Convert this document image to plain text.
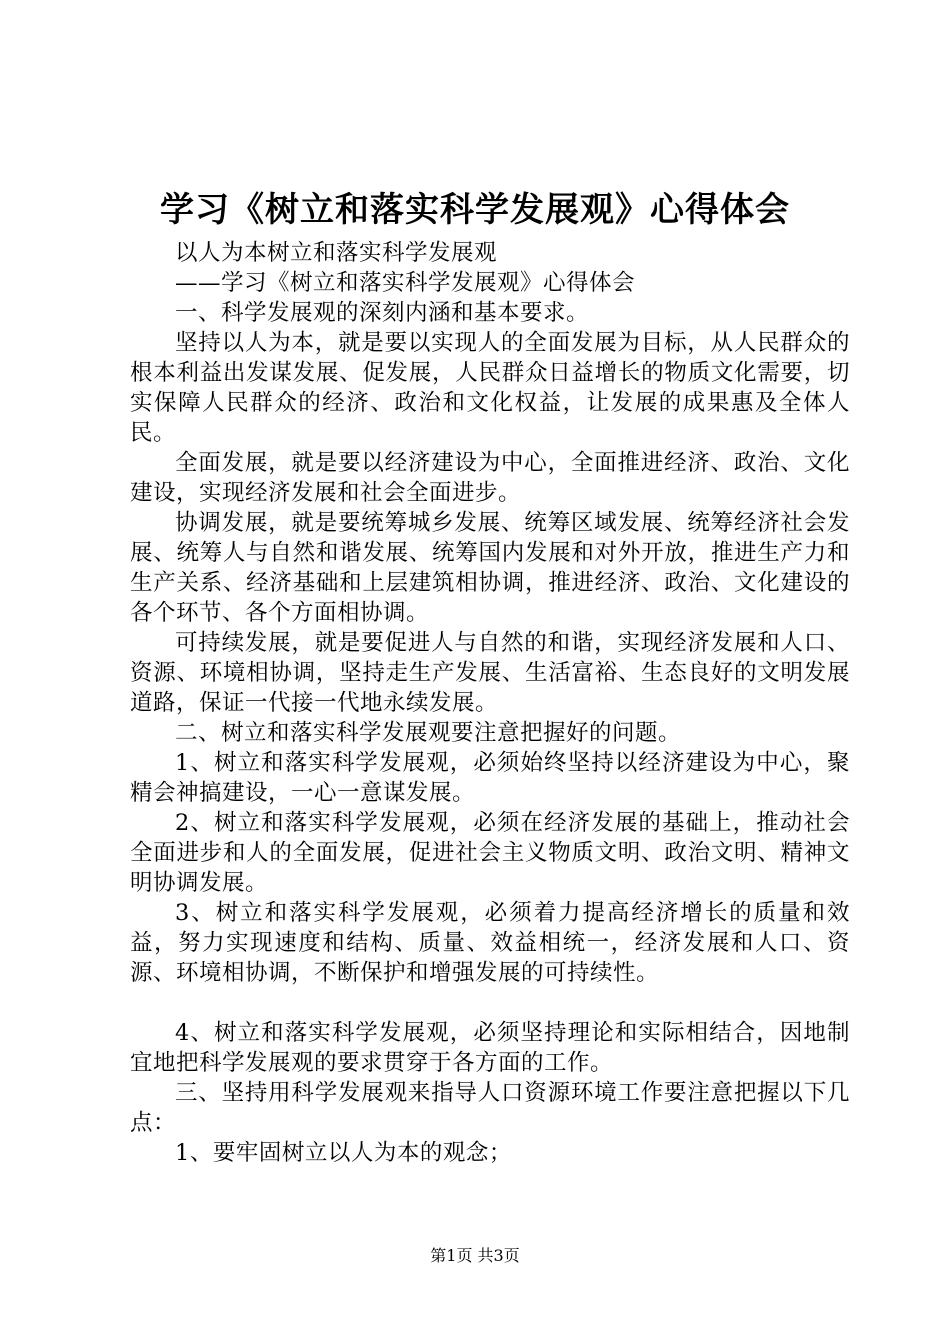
学习《树立和落实科学发展观》心得体会

以人为本树立和落实科学发展观

——学习《树立和落实科学发展观》心得体会

一、科学发展观的深刻内涵和基本要求。

坚持以人为本，就是要以实现人的全面发展为目标，从人民群众的根本利益出发谋发展、促发展，人民群众日益增长的物质文化需要，切实保障人民群众的经济、政治和文化权益，让发展的成果惠及全体人民。

全面发展，就是要以经济建设为中心，全面推进经济、政治、文化建设，实现经济发展和社会全面进步。

协调发展，就是要统筹城乡发展、统筹区域发展、统筹经济社会发展、统筹人与自然和谐发展、统筹国内发展和对外开放，推进生产力和生产关系、经济基础和上层建筑相协调，推进经济、政治、文化建设的各个环节、各个方面相协调。

可持续发展，就是要促进人与自然的和谐，实现经济发展和人口、资源、环境相协调，坚持走生产发展、生活富裕、生态良好的文明发展道路，保证一代接一代地永续发展。

二、树立和落实科学发展观要注意把握好的问题。

1、树立和落实科学发展观，必须始终坚持以经济建设为中心，聚精会神搞建设，一心一意谋发展。

2、树立和落实科学发展观，必须在经济发展的基础上，推动社会全面进步和人的全面发展，促进社会主义物质文明、政治文明、精神文明协调发展。

3、树立和落实科学发展观，必须着力提高经济增长的质量和效益，努力实现速度和结构、质量、效益相统一，经济发展和人口、资源、环境相协调，不断保护和增强发展的可持续性。

4、树立和落实科学发展观，必须坚持理论和实际相结合，因地制宜地把科学发展观的要求贯穿于各方面的工作。

三、坚持用科学发展观来指导人口资源环境工作要注意把握以下几点：

1、要牢固树立以人为本的观念；

第1页 共3页
